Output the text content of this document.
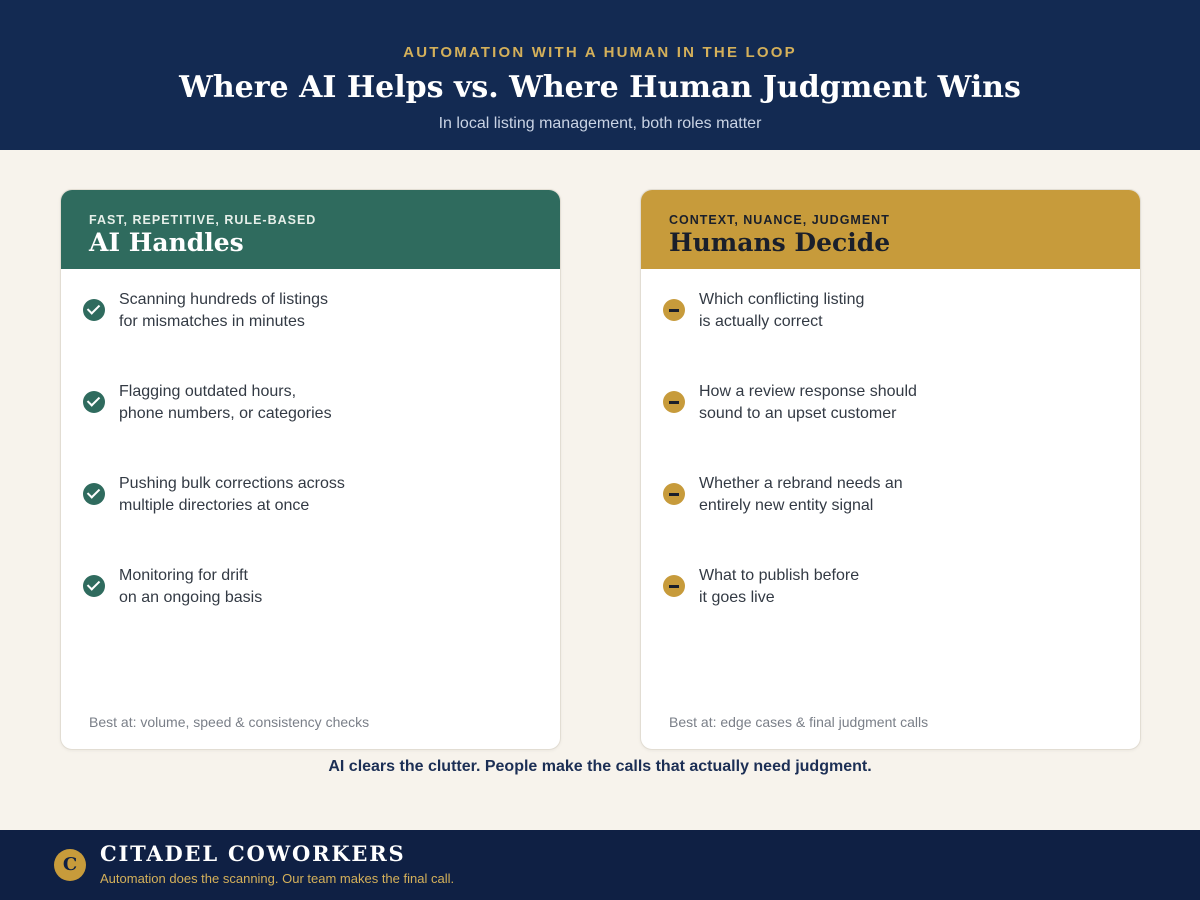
AUTOMATION WITH A HUMAN IN THE LOOP
Where AI Helps vs. Where Human Judgment Wins
In local listing management, both roles matter
FAST, REPETITIVE, RULE-BASED
AI Handles
Scanning hundreds of listings
for mismatches in minutes
Flagging outdated hours,
phone numbers, or categories
Pushing bulk corrections across
multiple directories at once
Monitoring for drift
on an ongoing basis
Best at: volume, speed & consistency checks
CONTEXT, NUANCE, JUDGMENT
Humans Decide
Which conflicting listing
is actually correct
How a review response should
sound to an upset customer
Whether a rebrand needs an
entirely new entity signal
What to publish before
it goes live
Best at: edge cases & final judgment calls
AI clears the clutter. People make the calls that actually need judgment.
C	CITADEL COWORKERS
Automation does the scanning. Our team makes the final call.
